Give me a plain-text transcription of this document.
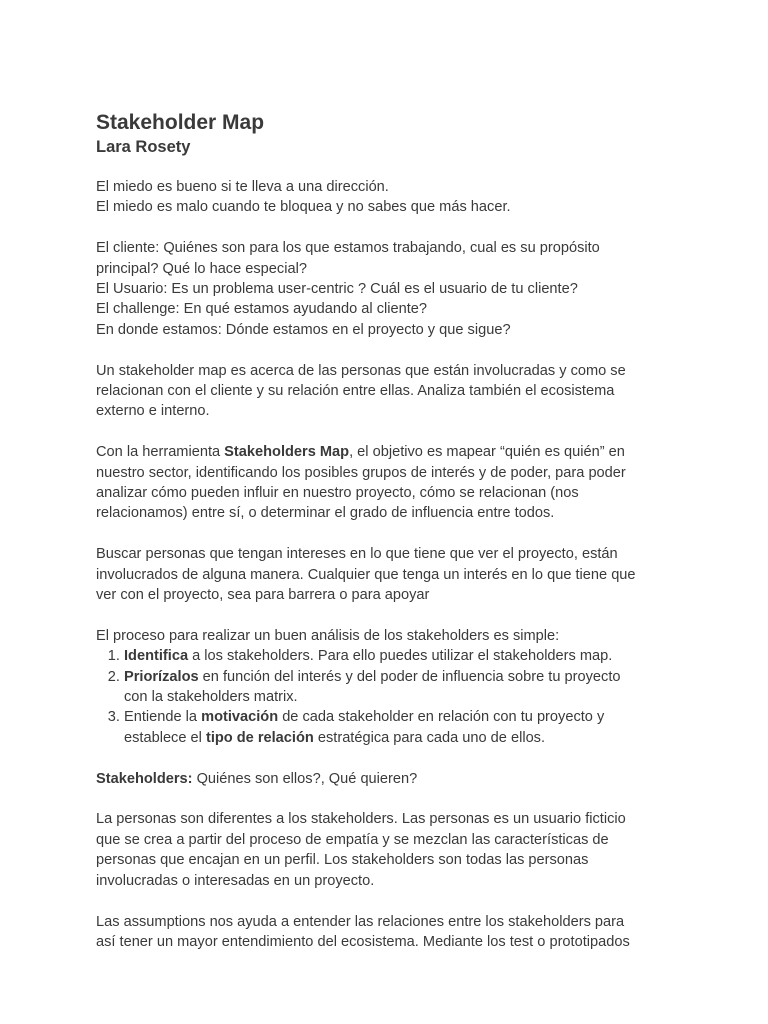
Stakeholder Map
Lara Rosety
El miedo es bueno si te lleva a una dirección.
El miedo es malo cuando te bloquea y no sabes que más hacer.
El cliente: Quiénes son para los que estamos trabajando, cual es su propósito
principal? Qué lo hace especial?
El Usuario: Es un problema user-centric ? Cuál es el usuario de tu cliente?
El challenge: En qué estamos ayudando al cliente?
En donde estamos: Dónde estamos en el proyecto y que sigue?
Un stakeholder map es acerca de las personas que están involucradas y como se
relacionan con el cliente y su relación entre ellas. Analiza también el ecosistema
externo e interno.
Con la herramienta Stakeholders Map, el objetivo es mapear “quién es quién” en
nuestro sector, identificando los posibles grupos de interés y de poder, para poder
analizar cómo pueden influir en nuestro proyecto, cómo se relacionan (nos
relacionamos) entre sí, o determinar el grado de influencia entre todos.
Buscar personas que tengan intereses en lo que tiene que ver el proyecto, están
involucrados de alguna manera. Cualquier que tenga un interés en lo que tiene que
ver con el proyecto, sea para barrera o para apoyar
El proceso para realizar un buen análisis de los stakeholders es simple:
1. Identifica a los stakeholders. Para ello puedes utilizar el stakeholders map.
2. Priorízalos en función del interés y del poder de influencia sobre tu proyecto
con la stakeholders matrix.
3. Entiende la motivación de cada stakeholder en relación con tu proyecto y
establece el tipo de relación estratégica para cada uno de ellos.
Stakeholders: Quiénes son ellos?, Qué quieren?
La personas son diferentes a los stakeholders. Las personas es un usuario ficticio
que se crea a partir del proceso de empatía y se mezclan las características de
personas que encajan en un perfil. Los stakeholders son todas las personas
involucradas o interesadas en un proyecto.
Las assumptions nos ayuda a entender las relaciones entre los stakeholders para
así tener un mayor entendimiento del ecosistema. Mediante los test o prototipados
